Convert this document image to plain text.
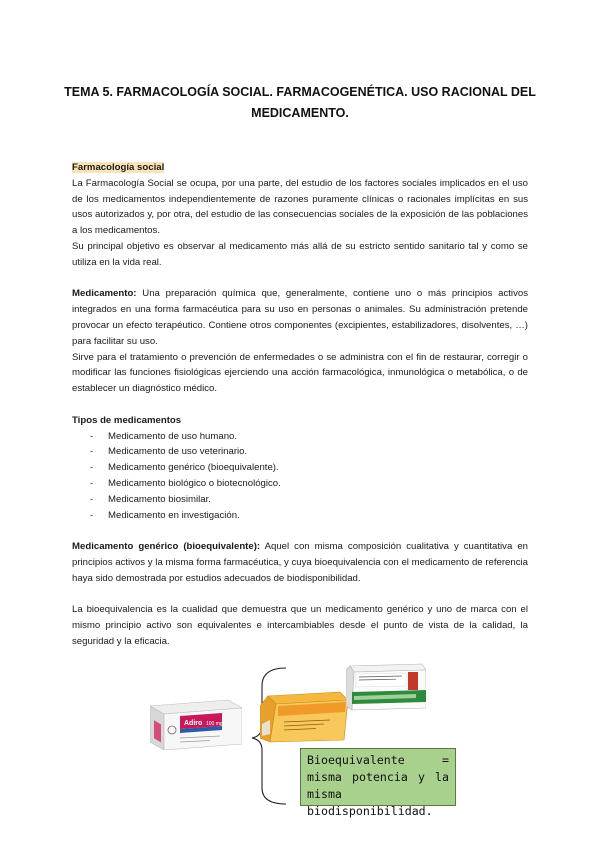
TEMA 5. FARMACOLOGÍA SOCIAL. FARMACOGENÉTICA. USO RACIONAL DEL MEDICAMENTO.

Farmacología social

La Farmacología Social se ocupa, por una parte, del estudio de los factores sociales implicados en el uso de los medicamentos independientemente de razones puramente clínicas o racionales implícitas en sus usos autorizados y, por otra, del estudio de las consecuencias sociales de la exposición de las poblaciones a los medicamentos.

Su principal objetivo es observar al medicamento más allá de su estricto sentido sanitario tal y como se utiliza en la vida real.

Medicamento: Una preparación química que, generalmente, contiene uno o más principios activos integrados en una forma farmacéutica para su uso en personas o animales. Su administración pretende provocar un efecto terapéutico. Contiene otros componentes (excipientes, estabilizadores, disolventes, …) para facilitar su uso.

Sirve para el tratamiento o prevención de enfermedades o se administra con el fin de restaurar, corregir o modificar las funciones fisiológicas ejerciendo una acción farmacológica, inmunológica o metabólica, o de establecer un diagnóstico médico.

Tipos de medicamentos

- Medicamento de uso humano.
- Medicamento de uso veterinario.
- Medicamento genérico (bioequivalente).
- Medicamento biológico o biotecnológico.
- Medicamento biosimilar.
- Medicamento en investigación.

Medicamento genérico (bioequivalente): Aquel con misma composición cualitativa y cuantitativa en principios activos y la misma forma farmacéutica, y cuya bioequivalencia con el medicamento de referencia haya sido demostrada por estudios adecuados de biodisponibilidad.

La bioequivalencia es la cualidad que demuestra que un medicamento genérico y uno de marca con el mismo principio activo son equivalentes e intercambiables desde el punto de vista de la calidad, la seguridad y la eficacia.

Adiro 100 mg
Bioequivalente = misma potencia y la misma biodisponibilidad.
